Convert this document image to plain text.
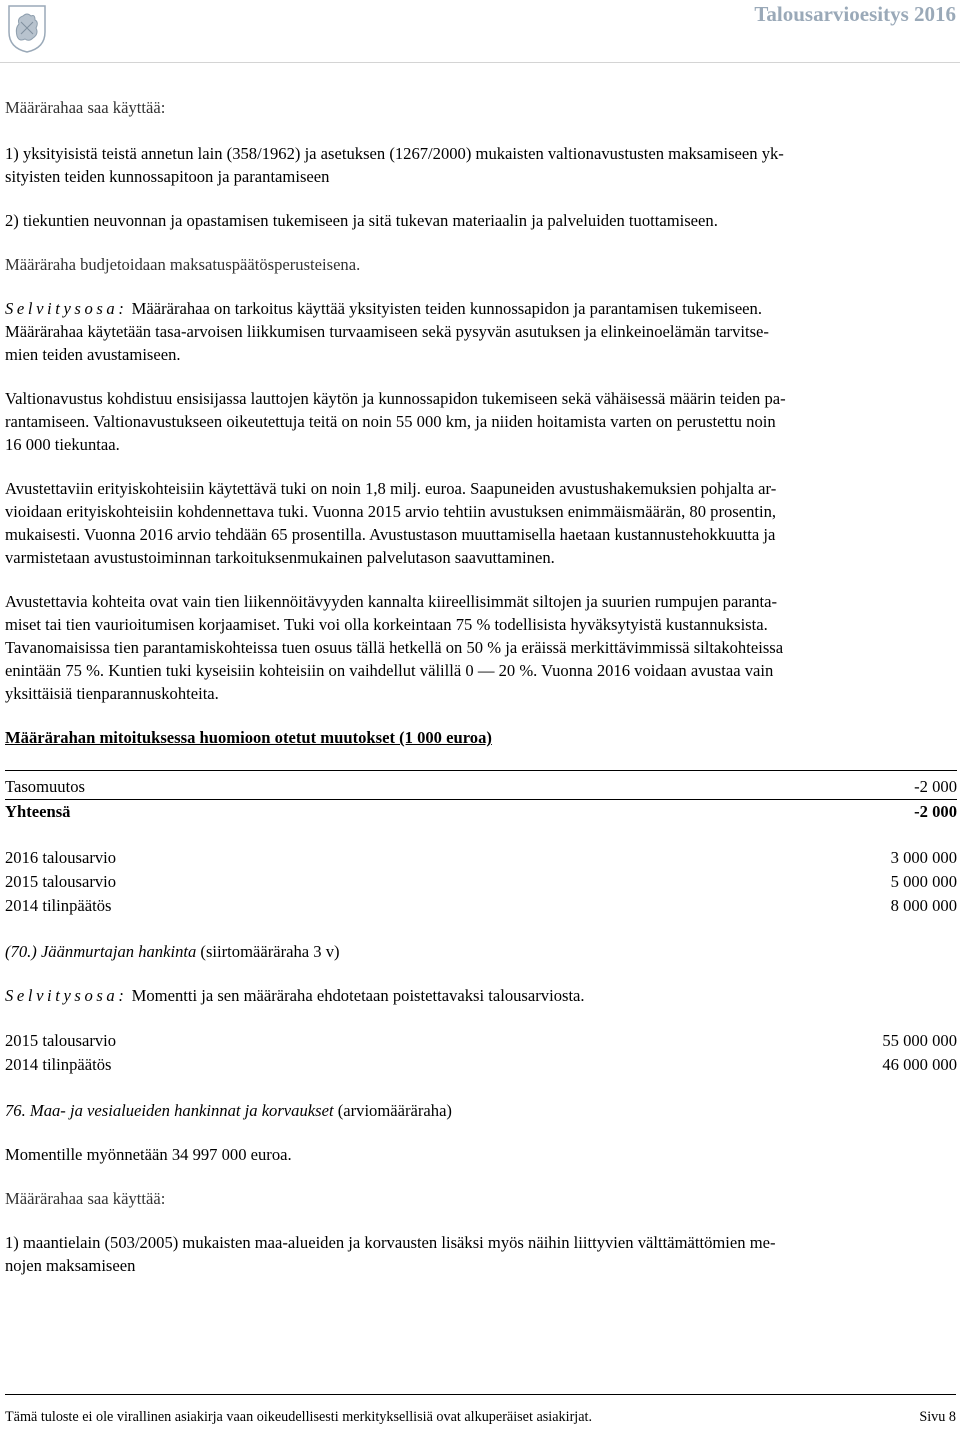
Talousarvioesitys 2016

Määrärahaa saa käyttää:

1) yksityisistä teistä annetun lain (358/1962) ja asetuksen (1267/2000) mukaisten valtionavustusten maksamiseen yk-
sityisten teiden kunnossapitoon ja parantamiseen

2) tiekuntien neuvonnan ja opastamisen tukemiseen ja sitä tukevan materiaalin ja palveluiden tuottamiseen.

Määräraha budjetoidaan maksatuspäätösperusteisena.

Selvitysosa: Määrärahaa on tarkoitus käyttää yksityisten teiden kunnossapidon ja parantamisen tukemiseen.
Määrärahaa käytetään tasa-arvoisen liikkumisen turvaamiseen sekä pysyvän asutuksen ja elinkeinoelämän tarvitse-
mien teiden avustamiseen.

Valtionavustus kohdistuu ensisijassa lauttojen käytön ja kunnossapidon tukemiseen sekä vähäisessä määrin teiden pa-
rantamiseen. Valtionavustukseen oikeutettuja teitä on noin 55 000 km, ja niiden hoitamista varten on perustettu noin
16 000 tiekuntaa.

Avustettaviin erityiskohteisiin käytettävä tuki on noin 1,8 milj. euroa. Saapuneiden avustushakemuksien pohjalta ar-
vioidaan erityiskohteisiin kohdennettava tuki. Vuonna 2015 arvio tehtiin avustuksen enimmäismäärän, 80 prosentin,
mukaisesti. Vuonna 2016 arvio tehdään 65 prosentilla. Avustustason muuttamisella haetaan kustannustehokkuutta ja
varmistetaan avustustoiminnan tarkoituksenmukainen palvelutason saavuttaminen.

Avustettavia kohteita ovat vain tien liikennöitävyyden kannalta kiireellisimmät siltojen ja suurien rumpujen paranta-
miset tai tien vaurioitumisen korjaamiset. Tuki voi olla korkeintaan 75 % todellisista hyväksytyistä kustannuksista.
Tavanomaisissa tien parantamiskohteissa tuen osuus tällä hetkellä on 50 % ja eräissä merkittävimmissä siltakohteissa
enintään 75 %. Kuntien tuki kyseisiin kohteisiin on vaihdellut välillä 0 — 20 %. Vuonna 2016 voidaan avustaa vain
yksittäisiä tienparannuskohteita.

Määrärahan mitoituksessa huomioon otetut muutokset (1 000 euroa)

Tasomuutos	-2 000
Yhteensä	-2 000
2016 talousarvio	3 000 000
2015 talousarvio	5 000 000
2014 tilinpäätös	8 000 000

(70.) Jäänmurtajan hankinta (siirtomääräraha 3 v)

Selvitysosa: Momentti ja sen määräraha ehdotetaan poistettavaksi talousarviosta.

2015 talousarvio	55 000 000
2014 tilinpäätös	46 000 000

76. Maa- ja vesialueiden hankinnat ja korvaukset (arviomääräraha)

Momentille myönnetään 34 997 000 euroa.

Määrärahaa saa käyttää:

1) maantielain (503/2005) mukaisten maa-alueiden ja korvausten lisäksi myös näihin liittyvien välttämättömien me-
nojen maksamiseen

Tämä tuloste ei ole virallinen asiakirja vaan oikeudellisesti merkityksellisiä ovat alkuperäiset asiakirjat.	Sivu 8
